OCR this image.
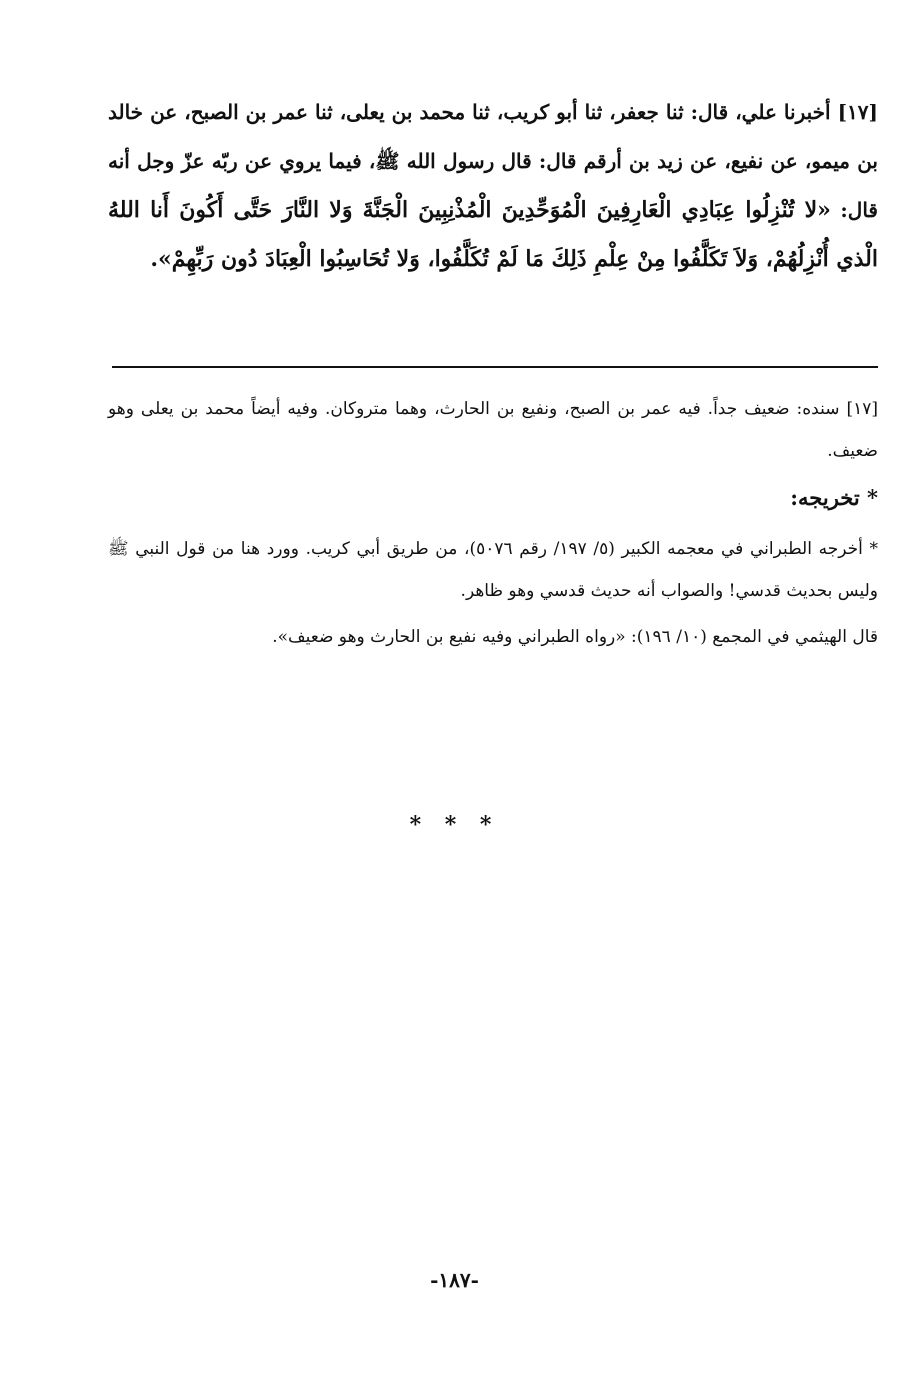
[١٧] أخبرنا علي، قال: ثنا جعفر، ثنا أبو كريب، ثنا محمد بن يعلى، ثنا عمر بن الصبح، عن خالد بن ميمو، عن نفيع، عن زيد بن أرقم قال: قال رسول الله ﷺ، فيما يروي عن ربّه عزّ وجل أنه قال: «لا تُنْزِلُوا عِبَادِي الْعَارِفِينَ الْمُوَحِّدِينَ الْمُذْنِبِينَ الْجَنَّةَ وَلا النَّارَ حَتَّى أَكُونَ أَنا اللهُ الْذي أُنْزِلُهُمْ، وَلاَ تَكَلَّفُوا مِنْ عِلْمِ ذَلِكَ مَا لَمْ تُكَلَّفُوا، وَلا تُحَاسِبُوا الْعِبَادَ دُون رَبِّهِمْ».
[١٧] سنده: ضعيف جداً. فيه عمر بن الصبح، ونفيع بن الحارث، وهما متروكان. وفيه أيضاً محمد بن يعلى وهو ضعيف.
* تخريجه:
* أخرجه الطبراني في معجمه الكبير (٥/ ١٩٧/ رقم ٥٠٧٦)، من طريق أبي كريب. وورد هنا من قول النبي ﷺ وليس بحديث قدسي! والصواب أنه حديث قدسي وهو ظاهر.
قال الهيثمي في المجمع (١٠/ ١٩٦): «رواه الطبراني وفيه نفيع بن الحارث وهو ضعيف».
* * *
-١٨٧-
